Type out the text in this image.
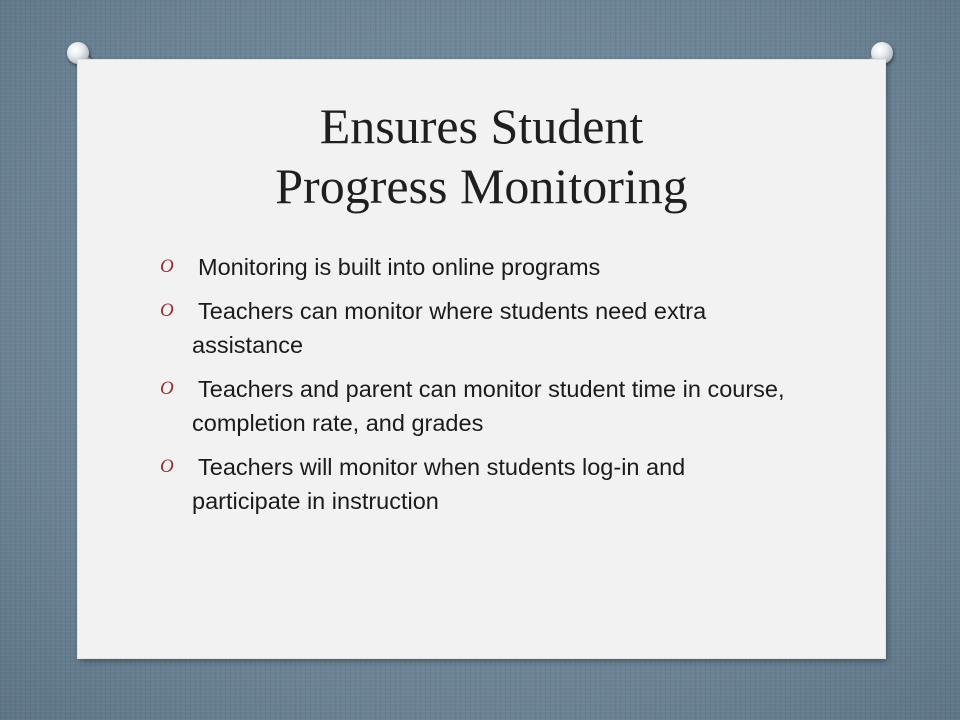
Ensures Student
Progress Monitoring
O Monitoring is built into online programs
O Teachers can monitor where students need extra assistance
O Teachers and parent can monitor student time in course, completion rate, and grades
O Teachers will monitor when students log-in and participate in instruction
